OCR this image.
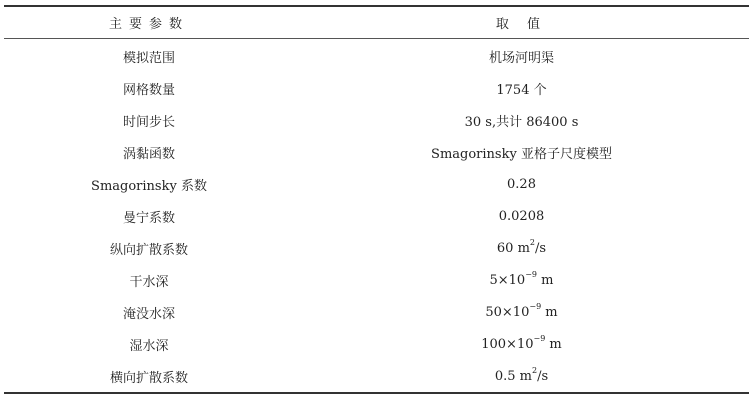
主要参数	取 值
模拟范围	机场河明渠
网格数量	1754 个
时间步长	30 s,共计 86400 s
涡黏函数	Smagorinsky 亚格子尺度模型
Smagorinsky 系数	0.28
曼宁系数	0.0208
纵向扩散系数	60 $m^2/s$
干水深	$5\times 10^{-9}$ m
淹没水深	$50\times 10^{-9}$ m
湿水深	$100\times 10^{-9}$ m
横向扩散系数	0.5 $m^2/s$
